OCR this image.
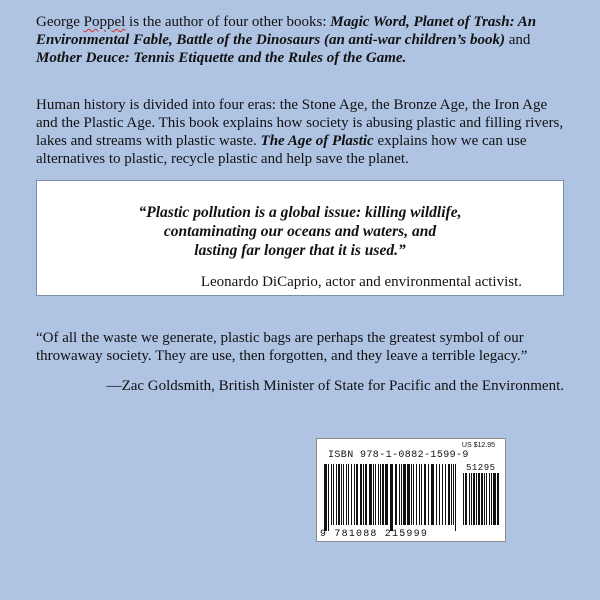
George Poppel is the author of four other books: Magic Word, Planet of Trash: An Environmental Fable, Battle of the Dinosaurs (an anti-war children’s book) and Mother Deuce: Tennis Etiquette and the Rules of the Game.

Human history is divided into four eras: the Stone Age, the Bronze Age, the Iron Age and the Plastic Age. This book explains how society is abusing plastic and filling rivers, lakes and streams with plastic waste. The Age of Plastic explains how we can use alternatives to plastic, recycle plastic and help save the planet.

“Plastic pollution is a global issue: killing wildlife,
contaminating our oceans and waters, and
lasting far longer that it is used.”
Leonardo DiCaprio, actor and environmental activist.

“Of all the waste we generate, plastic bags are perhaps the greatest symbol of our throwaway society. They are use, then forgotten, and they leave a terrible legacy.”

—Zac Goldsmith, British Minister of State for Pacific and the Environment.
US $12.95
ISBN 978-1-0882-1599-9
51295
9 781088 215999
